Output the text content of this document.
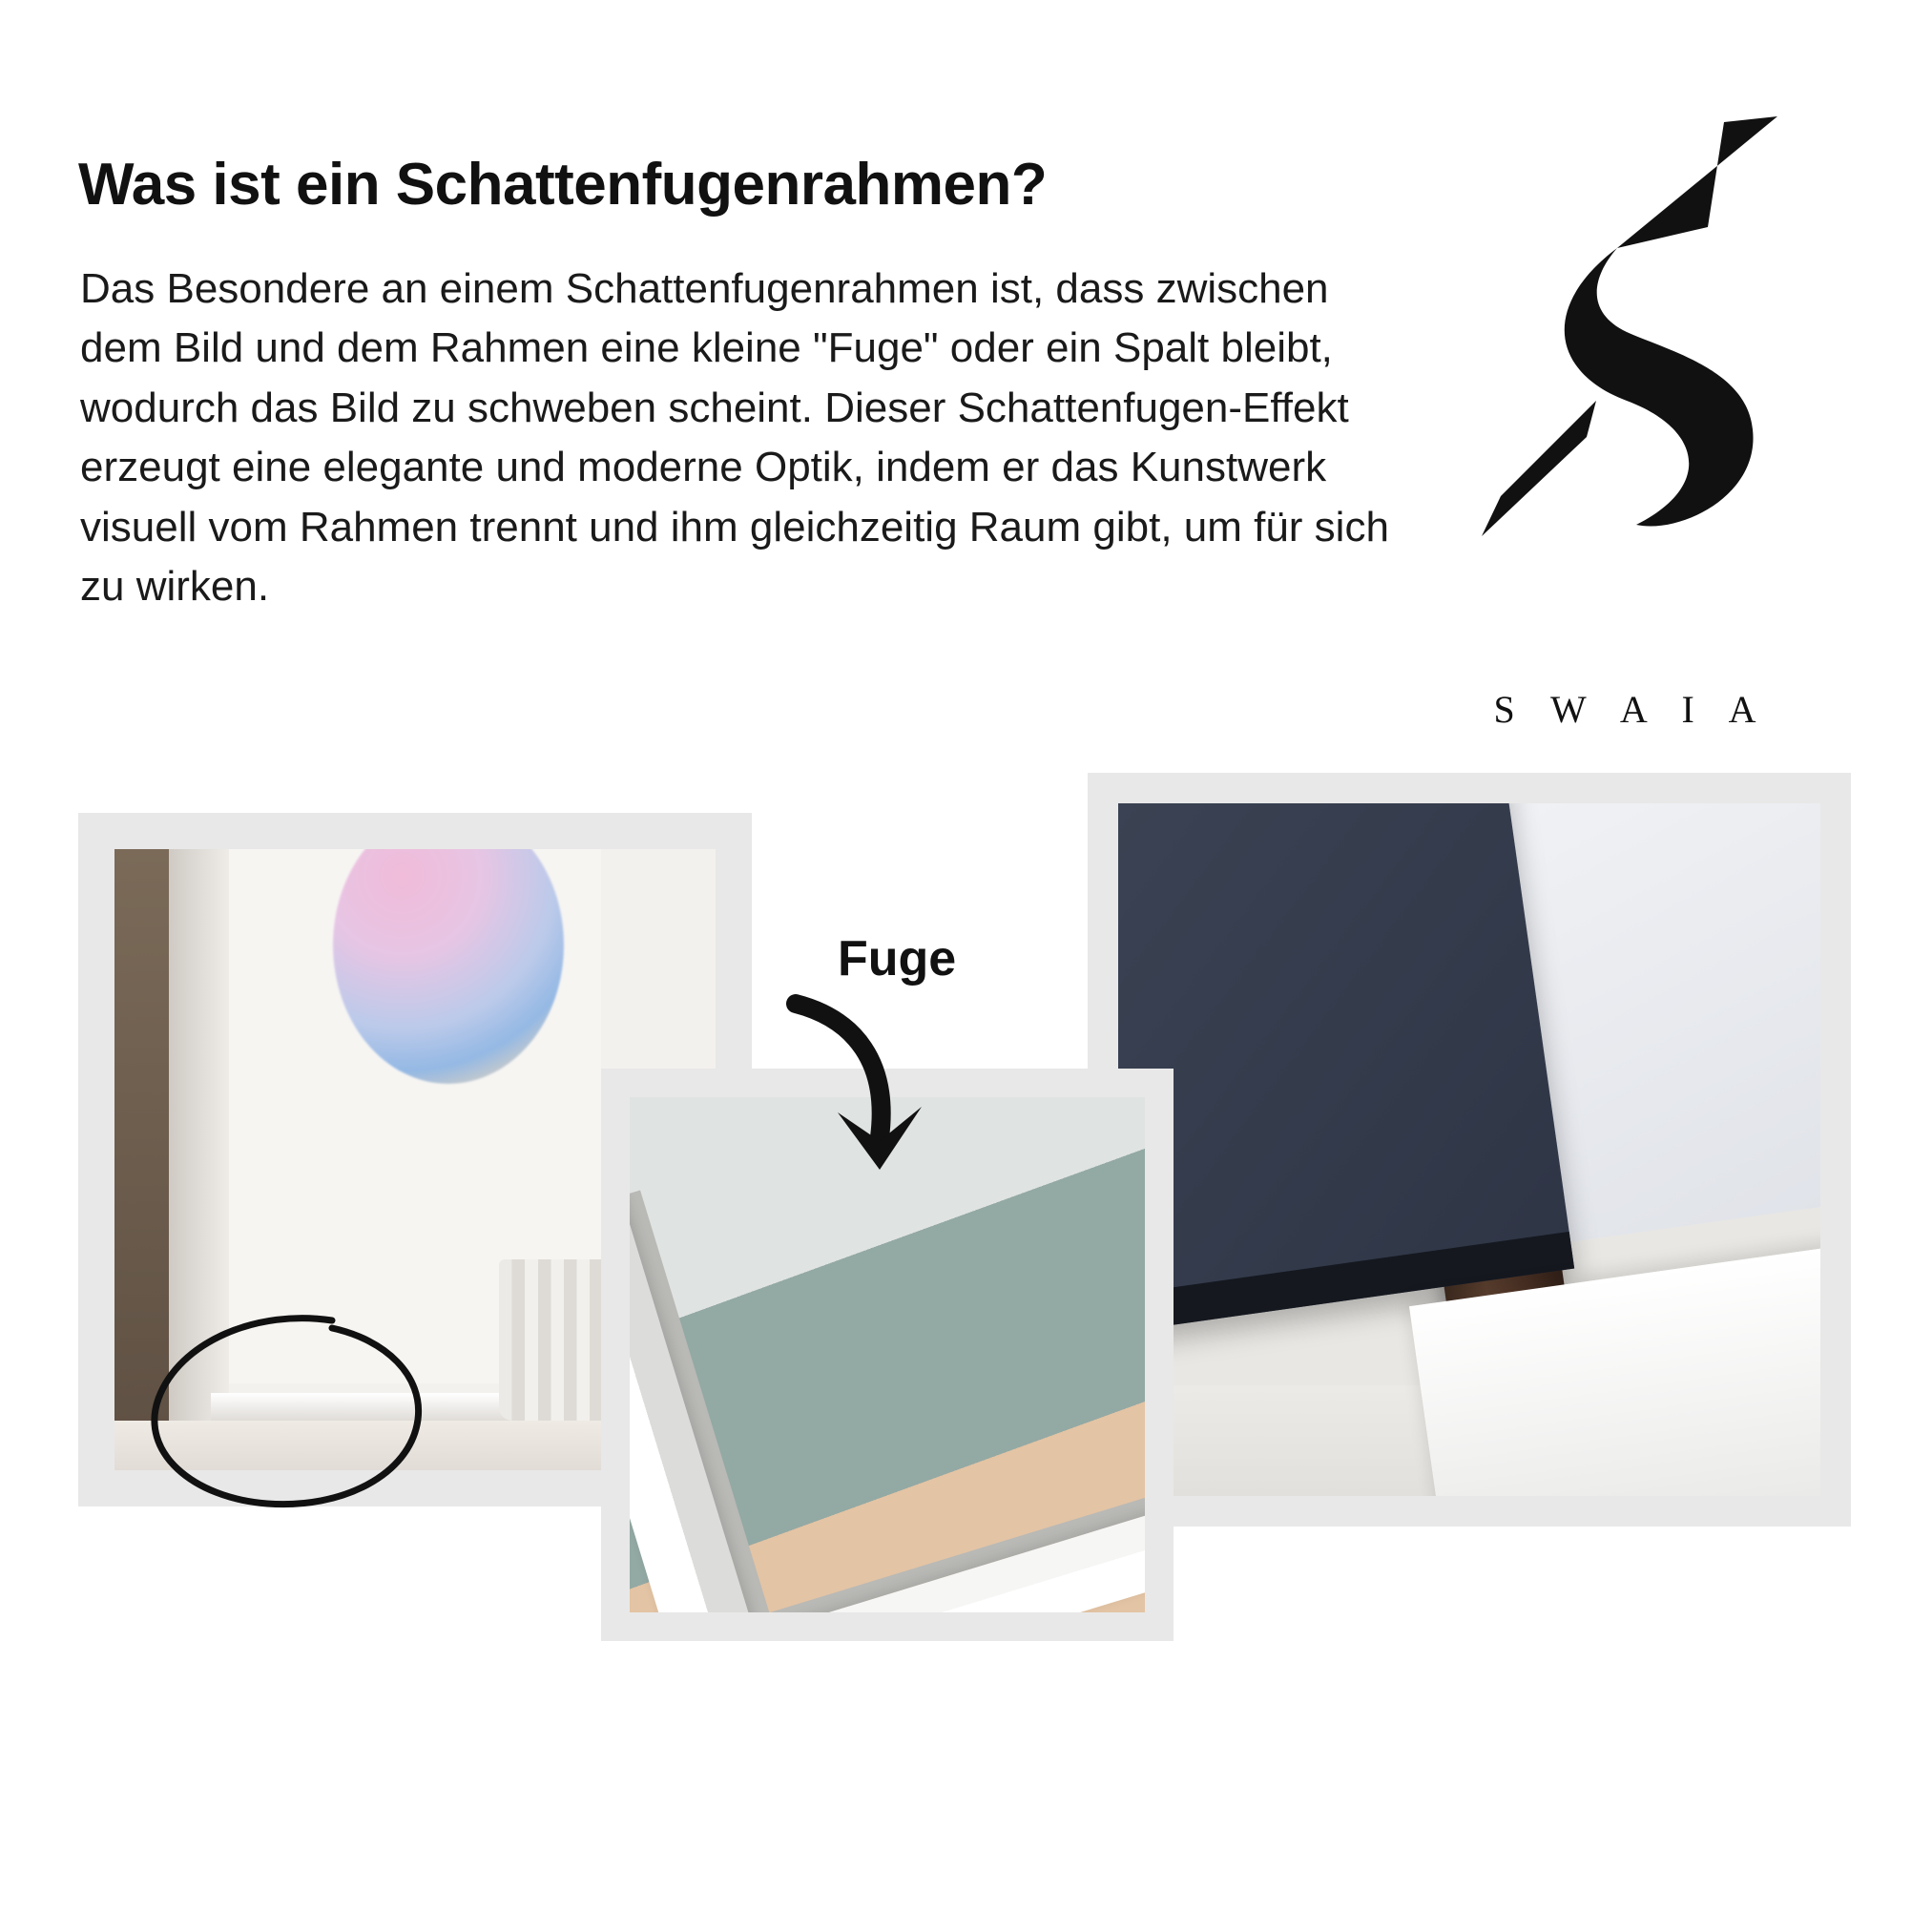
Was ist ein Schattenfugenrahmen?

Das Besondere an einem Schattenfugenrahmen ist, dass zwischen dem Bild und dem Rahmen eine kleine "Fuge" oder ein Spalt bleibt, wodurch das Bild zu schweben scheint. Dieser Schattenfugen-Effekt erzeugt eine elegante und moderne Optik, indem er das Kunstwerk visuell vom Rahmen trennt und ihm gleichzeitig Raum gibt, um für sich zu wirken.

S W A I A
Fuge
